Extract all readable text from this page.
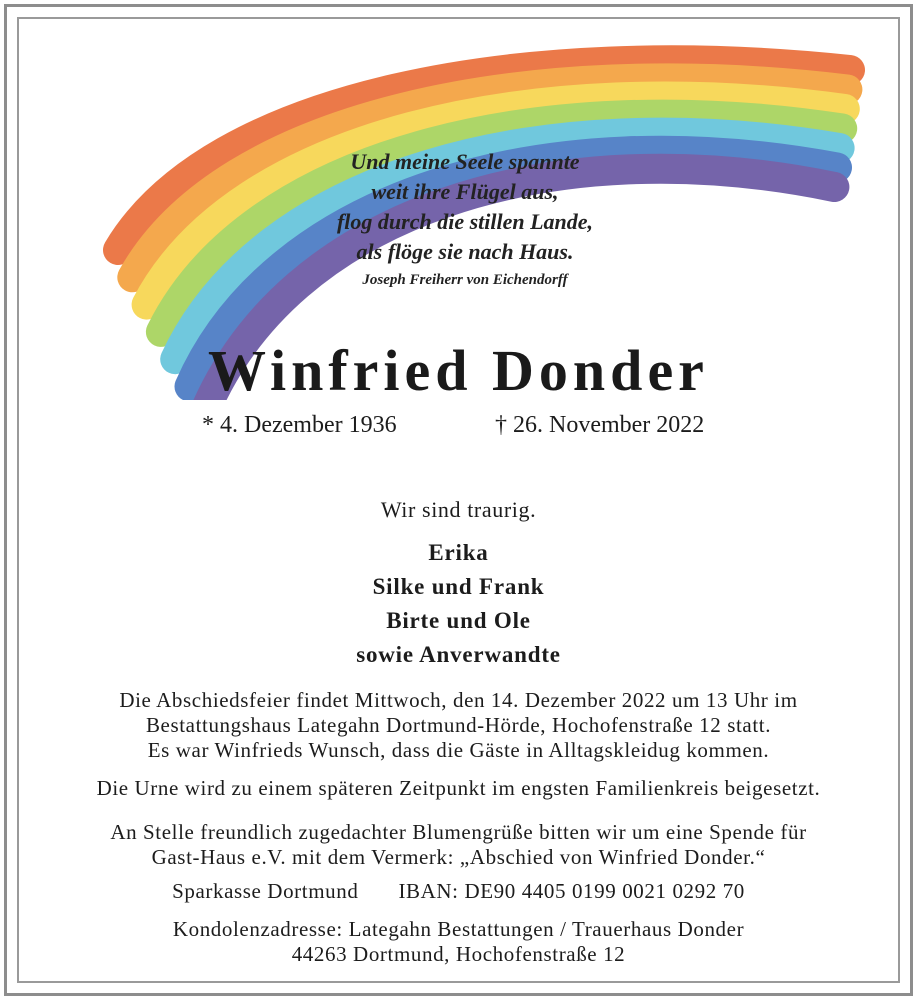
Und meine Seele spannte
weit ihre Flügel aus,
flog durch die stillen Lande,
als flöge sie nach Haus.
Joseph Freiherr von Eichendorff
Winfried Donder
* 4. Dezember 1936	† 26. November 2022
Wir sind traurig.
Erika
Silke und Frank
Birte und Ole
sowie Anverwandte
Die Abschiedsfeier findet Mittwoch, den 14. Dezember 2022 um 13 Uhr im
Bestattungshaus Lategahn Dortmund-Hörde, Hochofenstraße 12 statt.
Es war Winfrieds Wunsch, dass die Gäste in Alltagskleidug kommen.
Die Urne wird zu einem späteren Zeitpunkt im engsten Familienkreis beigesetzt.
An Stelle freundlich zugedachter Blumengrüße bitten wir um eine Spende für
Gast-Haus e.V. mit dem Vermerk: „Abschied von Winfried Donder.“
Sparkasse Dortmund IBAN: DE90 4405 0199 0021 0292 70
Kondolenzadresse: Lategahn Bestattungen / Trauerhaus Donder
44263 Dortmund, Hochofenstraße 12
